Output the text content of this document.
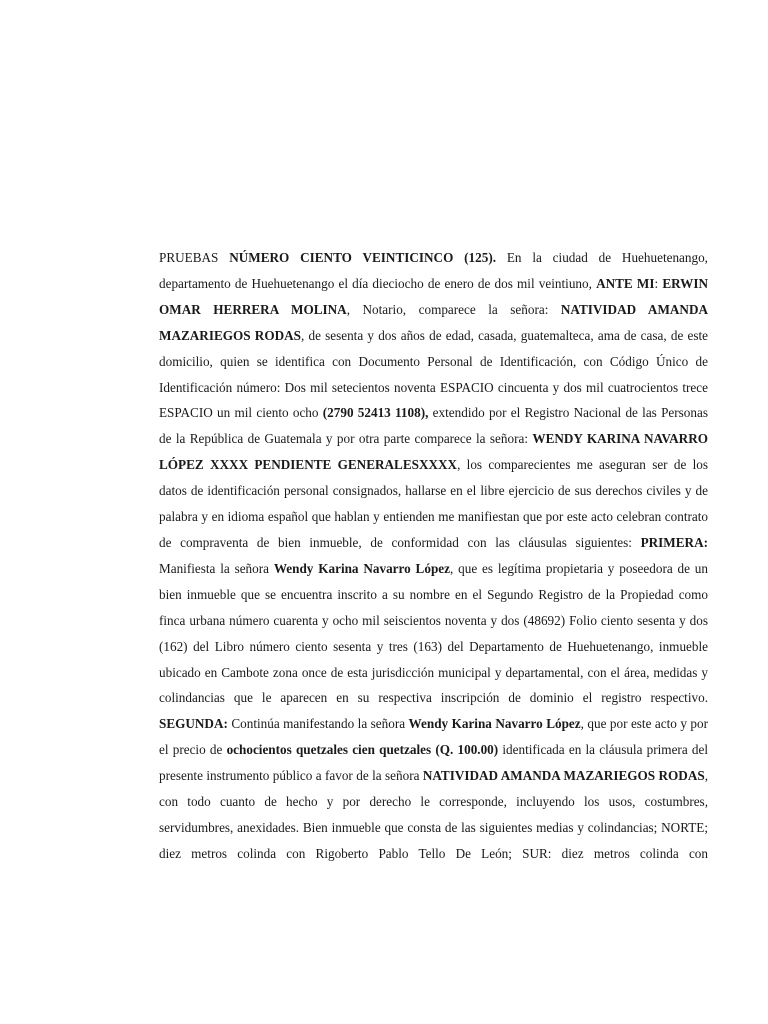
PRUEBAS NÚMERO CIENTO VEINTICINCO (125). En la ciudad de Huehuetenango, departamento de Huehuetenango el día dieciocho de enero de dos mil veintiuno, ANTE MI: ERWIN OMAR HERRERA MOLINA, Notario, comparece la señora: NATIVIDAD AMANDA MAZARIEGOS RODAS, de sesenta y dos años de edad, casada, guatemalteca, ama de casa, de este domicilio, quien se identifica con Documento Personal de Identificación, con Código Único de Identificación número: Dos mil setecientos noventa ESPACIO cincuenta y dos mil cuatrocientos trece ESPACIO un mil ciento ocho (2790 52413 1108), extendido por el Registro Nacional de las Personas de la República de Guatemala y por otra parte comparece la señora: WENDY KARINA NAVARRO LÓPEZ XXXX PENDIENTE GENERALESXXXX, los comparecientes me aseguran ser de los datos de identificación personal consignados, hallarse en el libre ejercicio de sus derechos civiles y de palabra y en idioma español que hablan y entienden me manifiestan que por este acto celebran contrato de compraventa de bien inmueble, de conformidad con las cláusulas siguientes: PRIMERA: Manifiesta la señora Wendy Karina Navarro López, que es legítima propietaria y poseedora de un bien inmueble que se encuentra inscrito a su nombre en el Segundo Registro de la Propiedad como finca urbana número cuarenta y ocho mil seiscientos noventa y dos (48692) Folio ciento sesenta y dos (162) del Libro número ciento sesenta y tres (163) del Departamento de Huehuetenango, inmueble ubicado en Cambote zona once de esta jurisdicción municipal y departamental, con el área, medidas y colindancias que le aparecen en su respectiva inscripción de dominio el registro respectivo. SEGUNDA: Continúa manifestando la señora Wendy Karina Navarro López, que por este acto y por el precio de ochocientos quetzales cien quetzales (Q. 100.00) identificada en la cláusula primera del presente instrumento público a favor de la señora NATIVIDAD AMANDA MAZARIEGOS RODAS, con todo cuanto de hecho y por derecho le corresponde, incluyendo los usos, costumbres, servidumbres, anexidades. Bien inmueble que consta de las siguientes medias y colindancias; NORTE; diez metros colinda con Rigoberto Pablo Tello De León; SUR: diez metros colinda con
